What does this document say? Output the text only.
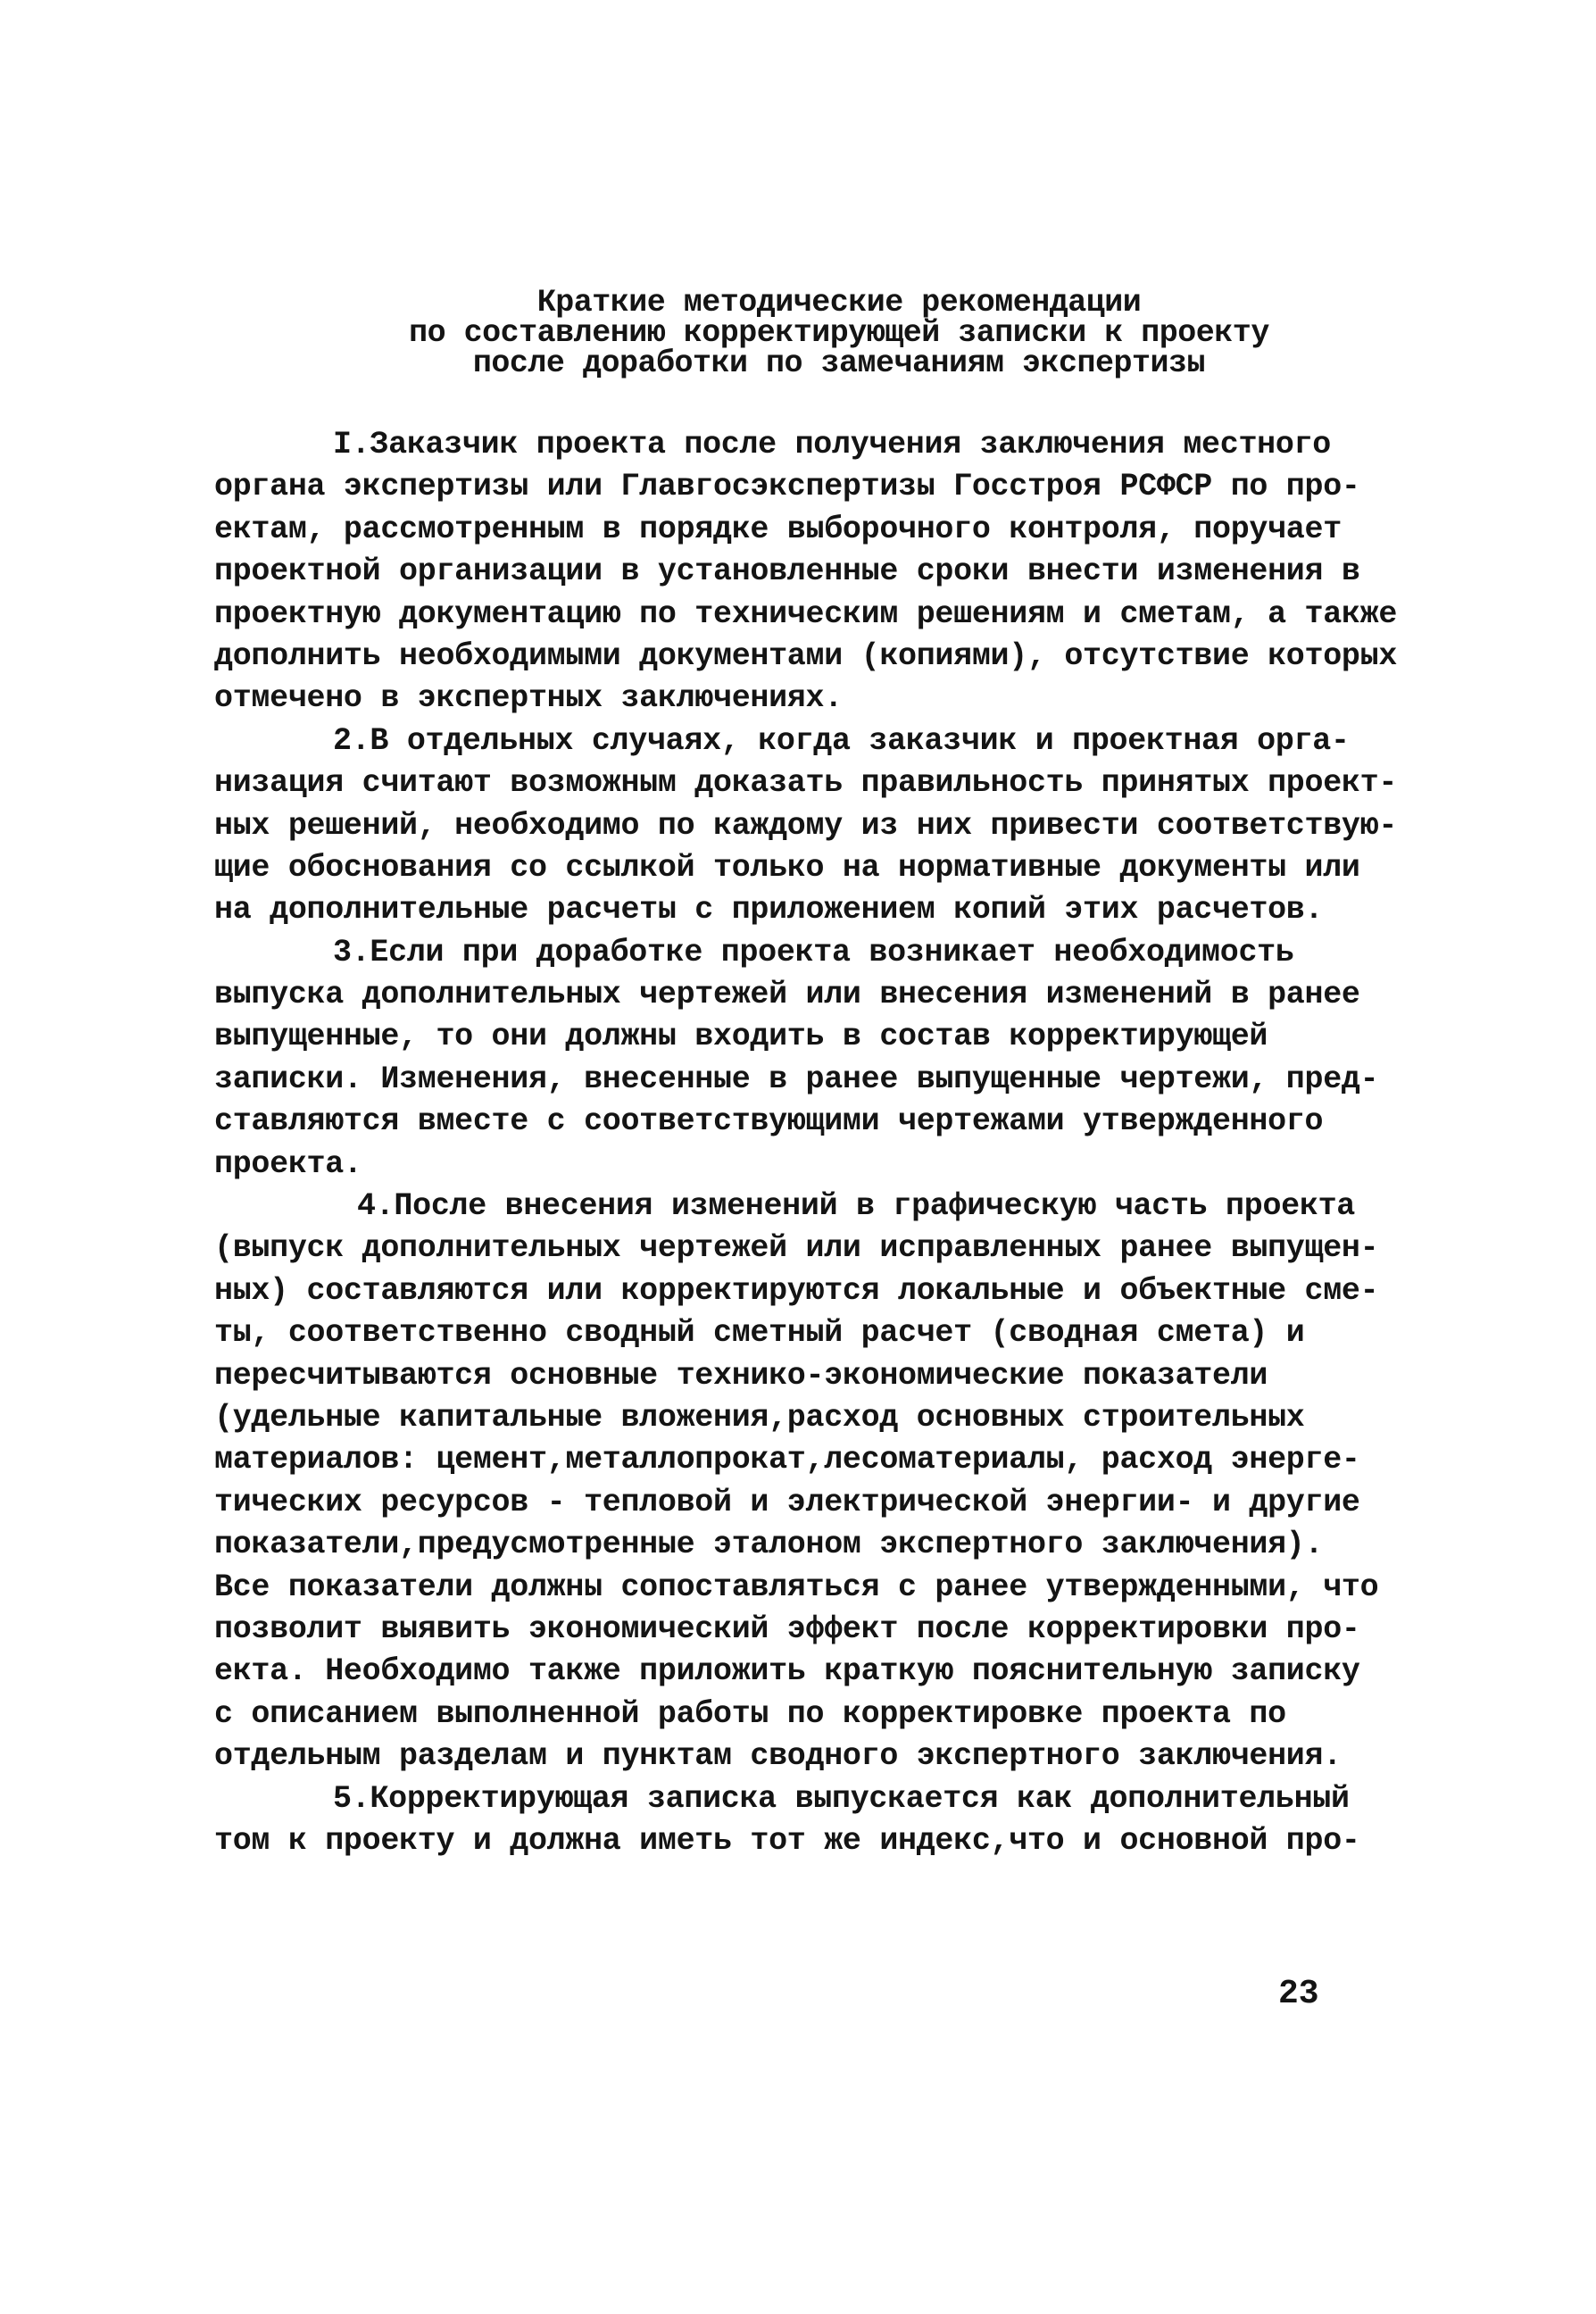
Краткие методические рекомендации
по составлению корректирующей записки к проекту
после доработки по замечаниям экспертизы
I.Заказчик проекта после получения заключения местного
органа экспертизы или Главгосэкспертизы Госстроя РСФСР по про-
ектам, рассмотренным в порядке выборочного контроля, поручает
проектной организации в установленные сроки внести изменения в
проектную документацию по техническим решениям и сметам, а также
дополнить необходимыми документами (копиями), отсутствие которых
отмечено в экспертных заключениях.
2.В отдельных случаях, когда заказчик и проектная орга-
низация считают возможным доказать правильность принятых проект-
ных решений, необходимо по каждому из них привести соответствую-
щие обоснования со ссылкой только на нормативные документы или
на дополнительные расчеты с приложением копий этих расчетов.
3.Если при доработке проекта возникает необходимость
выпуска дополнительных чертежей или внесения изменений в ранее
выпущенные, то они должны входить в состав корректирующей
записки. Изменения, внесенные в ранее выпущенные чертежи, пред-
ставляются вместе с соответствующими чертежами утвержденного
проекта.
4.После внесения изменений в графическую часть проекта
(выпуск дополнительных чертежей или исправленных ранее выпущен-
ных) составляются или корректируются локальные и объектные сме-
ты, соответственно сводный сметный расчет (сводная смета) и
пересчитываются основные технико-экономические показатели
(удельные капитальные вложения,расход основных строительных
материалов: цемент,металлопрокат,лесоматериалы, расход энерге-
тических ресурсов - тепловой и электрической энергии- и другие
показатели,предусмотренные эталоном экспертного заключения).
Все показатели должны сопоставляться с ранее утвержденными, что
позволит выявить экономический эффект после корректировки про-
екта. Необходимо также приложить краткую пояснительную записку
с описанием выполненной работы по корректировке проекта по
отдельным разделам и пунктам сводного экспертного заключения.
5.Корректирующая записка выпускается как дополнительный
том к проекту и должна иметь тот же индекс,что и основной про-
23
